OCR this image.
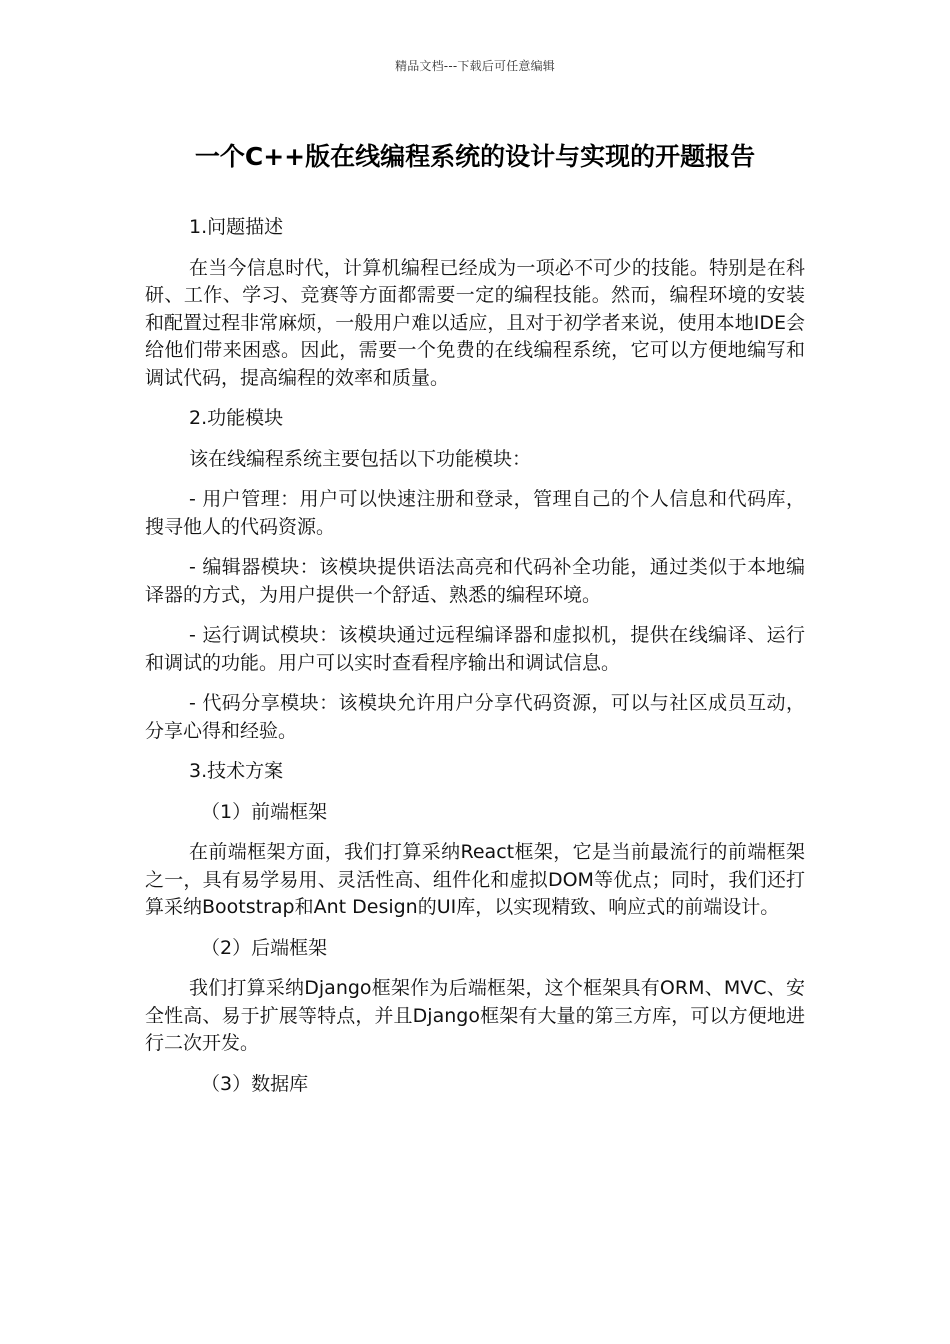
精品文档---下载后可任意编辑
一个C++版在线编程系统的设计与实现的开题报告

1.问题描述

在当今信息时代，计算机编程已经成为一项必不可少的技能。特别是在科研、工作、学习、竞赛等方面都需要一定的编程技能。然而，编程环境的安装和配置过程非常麻烦，一般用户难以适应，且对于初学者来说，使用本地IDE会给他们带来困惑。因此，需要一个免费的在线编程系统，它可以方便地编写和调试代码，提高编程的效率和质量。

2.功能模块

该在线编程系统主要包括以下功能模块：

- 用户管理：用户可以快速注册和登录，管理自己的个人信息和代码库，搜寻他人的代码资源。

- 编辑器模块：该模块提供语法高亮和代码补全功能，通过类似于本地编译器的方式，为用户提供一个舒适、熟悉的编程环境。

- 运行调试模块：该模块通过远程编译器和虚拟机，提供在线编译、运行和调试的功能。用户可以实时查看程序输出和调试信息。

- 代码分享模块：该模块允许用户分享代码资源，可以与社区成员互动，分享心得和经验。

3.技术方案

（1）前端框架

在前端框架方面，我们打算采纳React框架，它是当前最流行的前端框架之一，具有易学易用、灵活性高、组件化和虚拟DOM等优点；同时，我们还打算采纳Bootstrap和Ant Design的UI库，以实现精致、响应式的前端设计。

（2）后端框架

我们打算采纳Django框架作为后端框架，这个框架具有ORM、MVC、安全性高、易于扩展等特点，并且Django框架有大量的第三方库，可以方便地进行二次开发。

（3）数据库
